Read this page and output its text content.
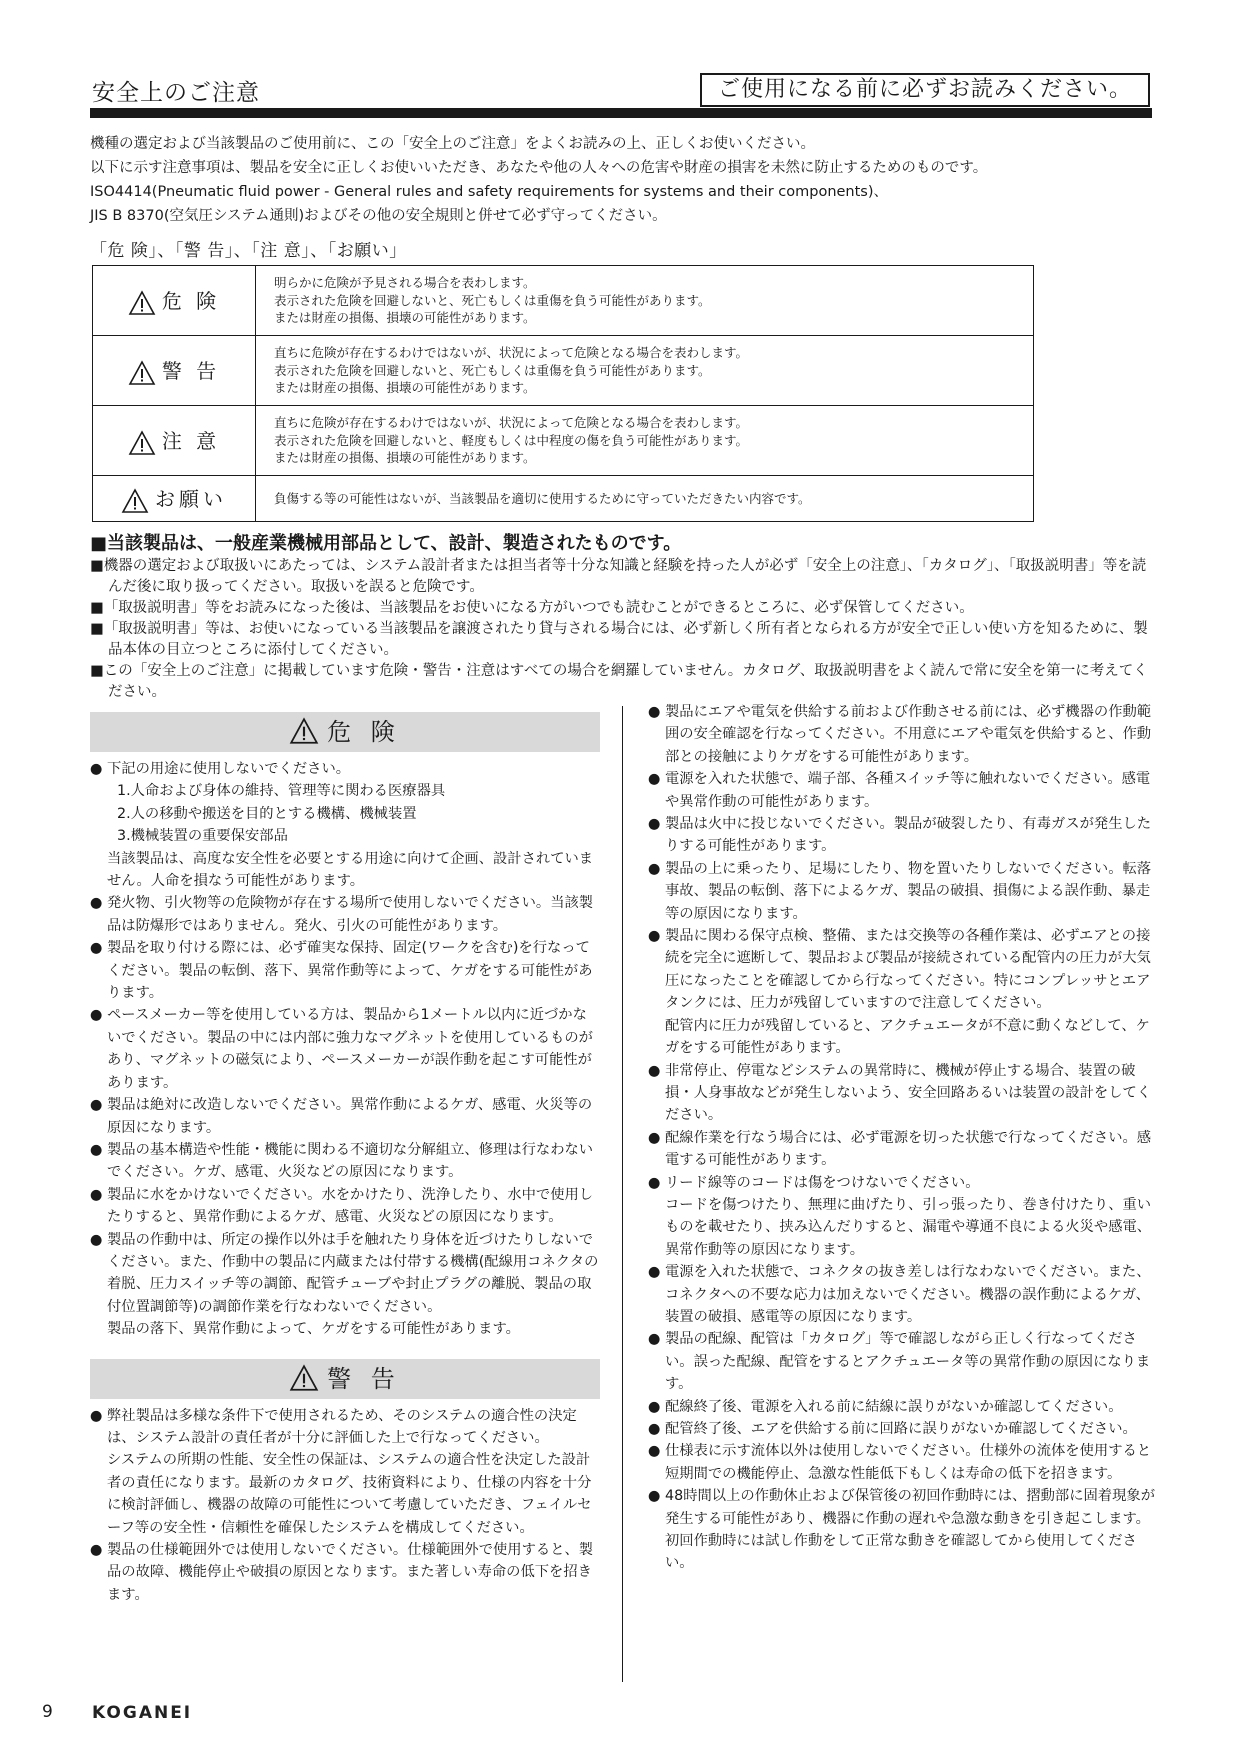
安全上のご注意	ご使用になる前に必ずお読みください。
機種の選定および当該製品のご使用前に、この「安全上のご注意」をよくお読みの上、正しくお使いください。
以下に示す注意事項は、製品を安全に正しくお使いいただき、あなたや他の人々への危害や財産の損害を未然に防止するためのものです。
ISO4414(Pneumatic fluid power - General rules and safety requirements for systems and their components)、
JIS B 8370(空気圧システム通則)およびその他の安全規則と併せて必ず守ってください。
「危 険」、「警 告」、「注 意」、「お願い」
危 険	明らかに危険が予見される場合を表わします。
表示された危険を回避しないと、死亡もしくは重傷を負う可能性があります。
または財産の損傷、損壊の可能性があります。

警 告	直ちに危険が存在するわけではないが、状況によって危険となる場合を表わします。
表示された危険を回避しないと、死亡もしくは重傷を負う可能性があります。
または財産の損傷、損壊の可能性があります。

注 意	直ちに危険が存在するわけではないが、状況によって危険となる場合を表わします。
表示された危険を回避しないと、軽度もしくは中程度の傷を負う可能性があります。
または財産の損傷、損壊の可能性があります。

お願い	負傷する等の可能性はないが、当該製品を適切に使用するために守っていただきたい内容です。
■当該製品は、一般産業機械用部品として、設計、製造されたものです。
■機器の選定および取扱いにあたっては、システム設計者または担当者等十分な知識と経験を持った人が必ず「安全上の注意」、「カタログ」、「取扱説明書」等を読んだ後に取り扱ってください。取扱いを誤ると危険です。
■「取扱説明書」等をお読みになった後は、当該製品をお使いになる方がいつでも読むことができるところに、必ず保管してください。
■「取扱説明書」等は、お使いになっている当該製品を譲渡されたり貸与される場合には、必ず新しく所有者となられる方が安全で正しい使い方を知るために、製品本体の目立つところに添付してください。
■この「安全上のご注意」に掲載しています危険・警告・注意はすべての場合を網羅していません。カタログ、取扱説明書をよく読んで常に安全を第一に考えてください。
危 険
● 下記の用途に使用しないでください。
1.人命および身体の維持、管理等に関わる医療器具
2.人の移動や搬送を目的とする機構、機械装置
3.機械装置の重要保安部品
当該製品は、高度な安全性を必要とする用途に向けて企画、設計されていません。人命を損なう可能性があります。
● 発火物、引火物等の危険物が存在する場所で使用しないでください。当該製品は防爆形ではありません。発火、引火の可能性があります。
● 製品を取り付ける際には、必ず確実な保持、固定(ワークを含む)を行なってください。製品の転倒、落下、異常作動等によって、ケガをする可能性があります。
● ペースメーカー等を使用している方は、製品から1メートル以内に近づかないでください。製品の中には内部に強力なマグネットを使用しているものがあり、マグネットの磁気により、ペースメーカーが誤作動を起こす可能性があります。
● 製品は絶対に改造しないでください。異常作動によるケガ、感電、火災等の原因になります。
● 製品の基本構造や性能・機能に関わる不適切な分解組立、修理は行なわないでください。ケガ、感電、火災などの原因になります。
● 製品に水をかけないでください。水をかけたり、洗浄したり、水中で使用したりすると、異常作動によるケガ、感電、火災などの原因になります。
● 製品の作動中は、所定の操作以外は手を触れたり身体を近づけたりしないでください。また、作動中の製品に内蔵または付帯する機構(配線用コネクタの着脱、圧力スイッチ等の調節、配管チューブや封止プラグの離脱、製品の取付位置調節等)の調節作業を行なわないでください。
製品の落下、異常作動によって、ケガをする可能性があります。
警 告
● 弊社製品は多様な条件下で使用されるため、そのシステムの適合性の決定は、システム設計の責任者が十分に評価した上で行なってください。
システムの所期の性能、安全性の保証は、システムの適合性を決定した設計者の責任になります。最新のカタログ、技術資料により、仕様の内容を十分に検討評価し、機器の故障の可能性について考慮していただき、フェイルセーフ等の安全性・信頼性を確保したシステムを構成してください。
● 製品の仕様範囲外では使用しないでください。仕様範囲外で使用すると、製品の故障、機能停止や破損の原因となります。また著しい寿命の低下を招きます。
● 製品にエアや電気を供給する前および作動させる前には、必ず機器の作動範囲の安全確認を行なってください。不用意にエアや電気を供給すると、作動部との接触によりケガをする可能性があります。
● 電源を入れた状態で、端子部、各種スイッチ等に触れないでください。感電や異常作動の可能性があります。
● 製品は火中に投じないでください。製品が破裂したり、有毒ガスが発生したりする可能性があります。
● 製品の上に乗ったり、足場にしたり、物を置いたりしないでください。転落事故、製品の転倒、落下によるケガ、製品の破損、損傷による誤作動、暴走等の原因になります。
● 製品に関わる保守点検、整備、または交換等の各種作業は、必ずエアとの接続を完全に遮断して、製品および製品が接続されている配管内の圧力が大気圧になったことを確認してから行なってください。特にコンプレッサとエアタンクには、圧力が残留していますので注意してください。
配管内に圧力が残留していると、アクチュエータが不意に動くなどして、ケガをする可能性があります。
● 非常停止、停電などシステムの異常時に、機械が停止する場合、装置の破損・人身事故などが発生しないよう、安全回路あるいは装置の設計をしてください。
● 配線作業を行なう場合には、必ず電源を切った状態で行なってください。感電する可能性があります。
● リード線等のコードは傷をつけないでください。
コードを傷つけたり、無理に曲げたり、引っ張ったり、巻き付けたり、重いものを載せたり、挟み込んだりすると、漏電や導通不良による火災や感電、異常作動等の原因になります。
● 電源を入れた状態で、コネクタの抜き差しは行なわないでください。また、コネクタへの不要な応力は加えないでください。機器の誤作動によるケガ、装置の破損、感電等の原因になります。
● 製品の配線、配管は「カタログ」等で確認しながら正しく行なってください。誤った配線、配管をするとアクチュエータ等の異常作動の原因になります。
● 配線終了後、電源を入れる前に結線に誤りがないか確認してください。
● 配管終了後、エアを供給する前に回路に誤りがないか確認してください。
● 仕様表に示す流体以外は使用しないでください。仕様外の流体を使用すると短期間での機能停止、急激な性能低下もしくは寿命の低下を招きます。
● 48時間以上の作動休止および保管後の初回作動時には、摺動部に固着現象が発生する可能性があり、機器に作動の遅れや急激な動きを引き起こします。初回作動時には試し作動をして正常な動きを確認してから使用してください。
9 KOGANEI
